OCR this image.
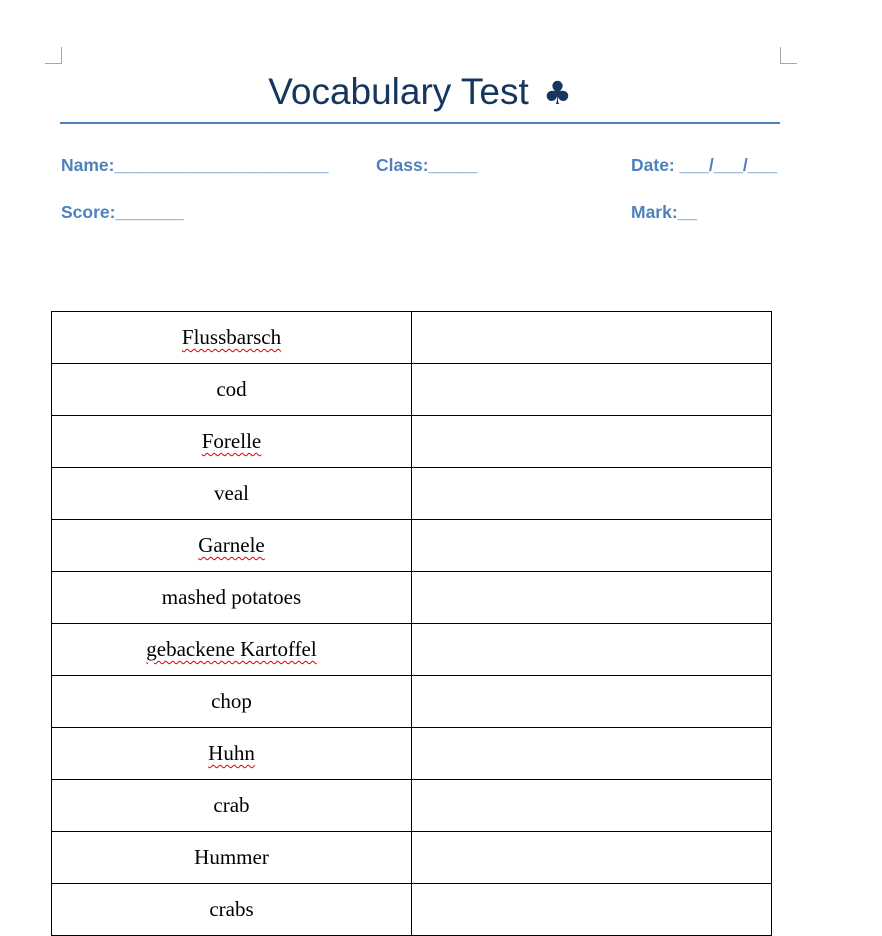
Vocabulary Test ♣
Name:______________________	Class:_____	Date: ___/___/___
Score:_______	Mark:__
Flussbarsch	
cod	
Forelle	
veal	
Garnele	
mashed potatoes	
gebackene Kartoffel	
chop	
Huhn	
crab	
Hummer	
crabs	
